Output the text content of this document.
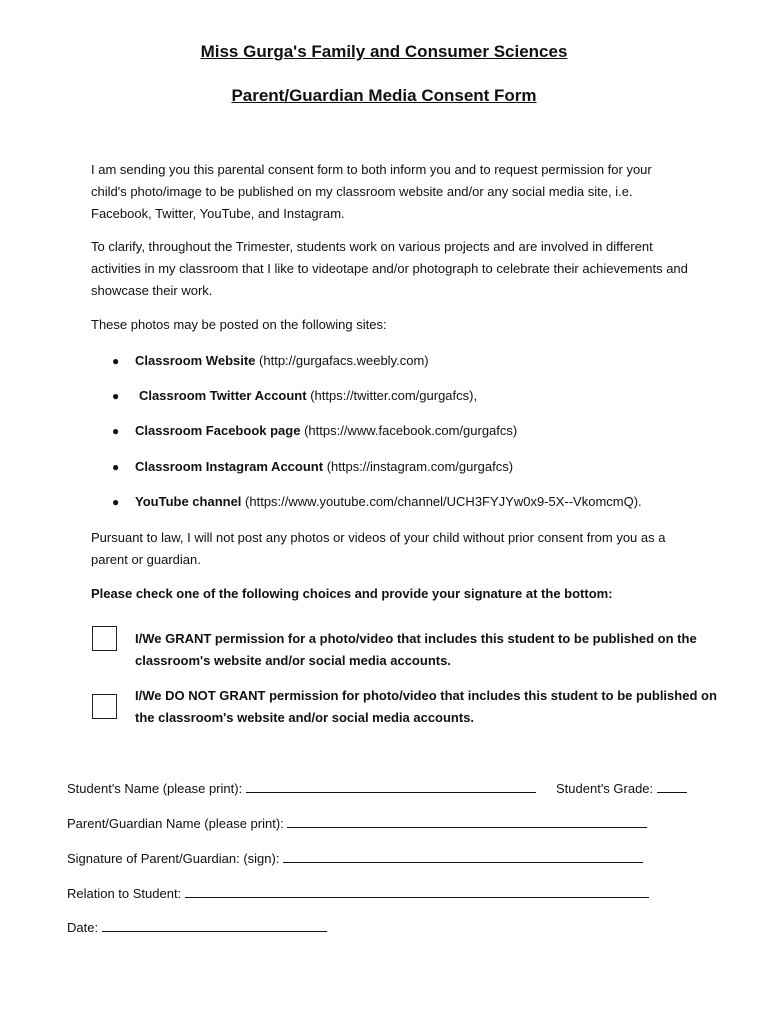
Miss Gurga's Family and Consumer Sciences
Parent/Guardian Media Consent Form

I am sending you this parental consent form to both inform you and to request permission for your child's photo/image to be published on my classroom website and/or any social media site, i.e. Facebook, Twitter, YouTube, and Instagram.

To clarify, throughout the Trimester, students work on various projects and are involved in different activities in my classroom that I like to videotape and/or photograph to celebrate their achievements and showcase their work.

These photos may be posted on the following sites:

●	Classroom Website (http://gurgafacs.weebly.com)
●	Classroom Twitter Account (https://twitter.com/gurgafcs),
●	Classroom Facebook page (https://www.facebook.com/gurgafcs)
●	Classroom Instagram Account (https://instagram.com/gurgafcs)
●	YouTube channel (https://www.youtube.com/channel/UCH3FYJYw0x9-5X--VkomcmQ).

Pursuant to law, I will not post any photos or videos of your child without prior consent from you as a parent or guardian.

Please check one of the following choices and provide your signature at the bottom:

I/We GRANT permission for a photo/video that includes this student to be published on the classroom's website and/or social media accounts.

I/We DO NOT GRANT permission for photo/video that includes this student to be published on the classroom's website and/or social media accounts.

Student's Name (please print):	Student's Grade:
Parent/Guardian Name (please print):
Signature of Parent/Guardian: (sign):
Relation to Student:
Date:
